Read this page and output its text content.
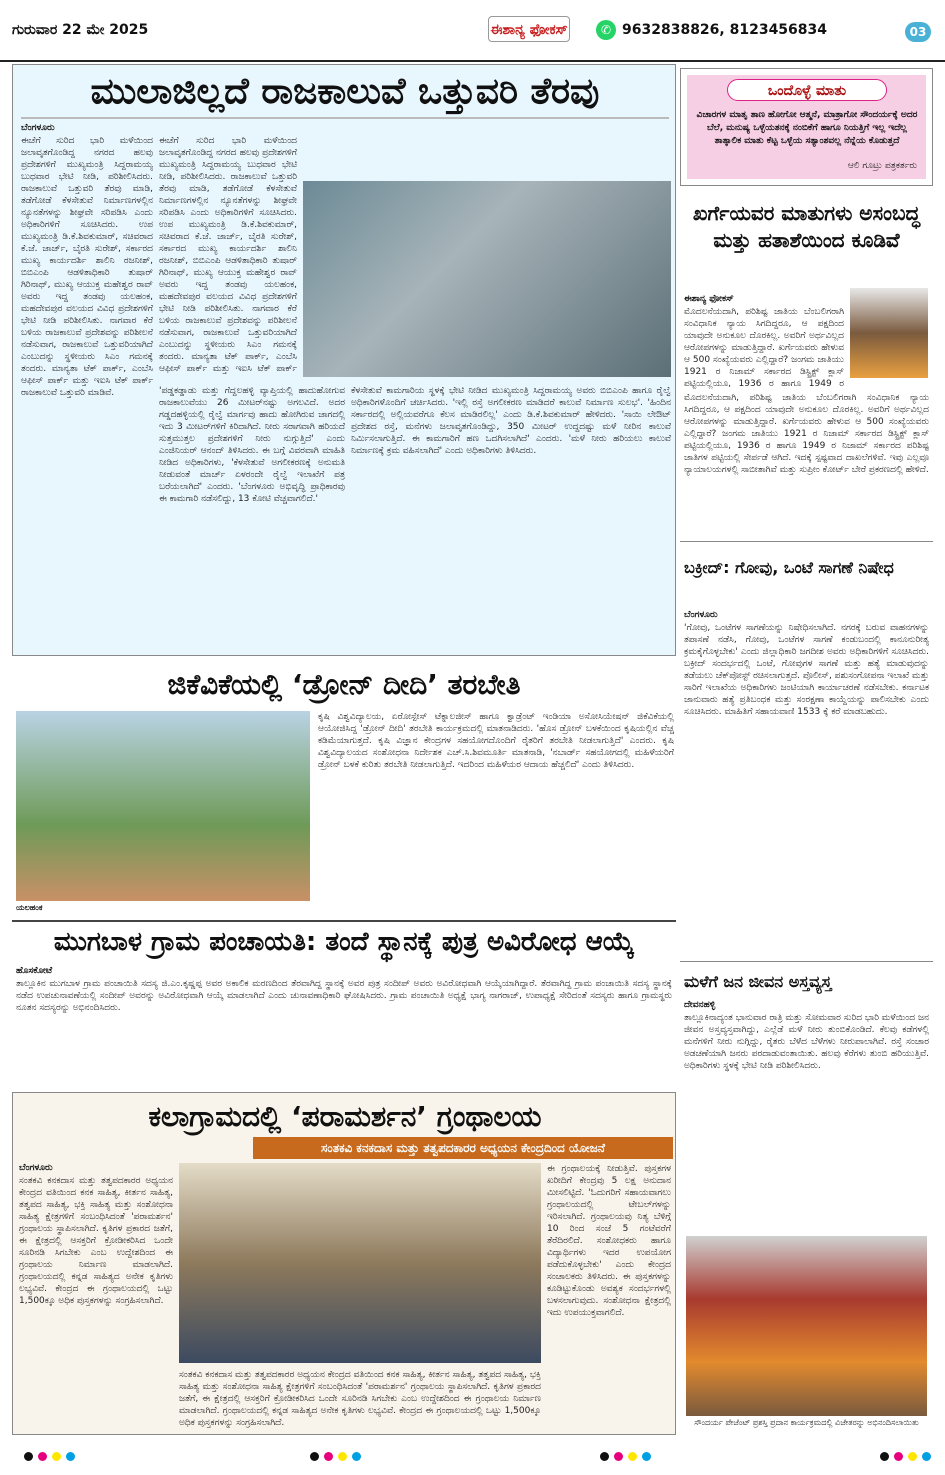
ಗುರುವಾರ 22 ಮೇ 2025	ಈಶಾನ್ಯ ಫೋಕಸ್	✆ 9632838826, 8123456834	03
ಮುಲಾಜಿಲ್ಲದೆ ರಾಜಕಾಲುವೆ ಒತ್ತುವರಿ ತೆರವು
ಬೆಂಗಳೂರು
ಈಚೆಗೆ ಸುರಿದ ಭಾರಿ ಮಳೆಯಿಂದ ಜಲಾವೃತಗೊಂಡಿದ್ದ ನಗರದ ಹಲವು ಪ್ರದೇಶಗಳಿಗೆ ಮುಖ್ಯಮಂತ್ರಿ ಸಿದ್ದರಾಮಯ್ಯ ಬುಧವಾರ ಭೇಟಿ ನೀಡಿ, ಪರಿಶೀಲಿಸಿದರು. ರಾಜಕಾಲುವೆ ಒತ್ತುವರಿ ತೆರವು ಮಾಡಿ, ತಡೆಗೋಡೆ ಕೆಳಸೇತುವೆ ನಿರ್ಮಾಣಗಳಲ್ಲಿನ ನ್ಯೂನತೆಗಳನ್ನು ಶೀಘ್ರವೇ ಸರಿಪಡಿಸಿ ಎಂದು ಅಧಿಕಾರಿಗಳಿಗೆ ಸೂಚಿಸಿದರು. ಉಪ ಮುಖ್ಯಮಂತ್ರಿ ಡಿ.ಕೆ.ಶಿವಕುಮಾರ್, ಸಚಿವರಾದ ಕೆ.ಜೆ. ಜಾರ್ಜ್, ಬೈರತಿ ಸುರೇಶ್, ಸರ್ಕಾರದ ಮುಖ್ಯ ಕಾರ್ಯದರ್ಶಿ ಶಾಲಿನಿ ರಜನೀಶ್, ಬಿಬಿಎಂಪಿ ಆಡಳಿತಾಧಿಕಾರಿ ತುಷಾರ್ ಗಿರಿನಾಥ್, ಮುಖ್ಯ ಆಯುಕ್ತ ಮಹೇಶ್ವರ ರಾವ್ ಅವರು ಇದ್ದ ತಂಡವು ಯಲಹಂಕ, ಮಹದೇವಪುರ ವಲಯದ ವಿವಿಧ ಪ್ರದೇಶಗಳಿಗೆ ಭೇಟಿ ನೀಡಿ ಪರಿಶೀಲಿಸಿತು. ನಾಗವಾರ ಕೆರೆ ಬಳಿಯ ರಾಜಕಾಲುವೆ ಪ್ರದೇಶವನ್ನು ಪರಿಶೀಲನೆ ನಡೆಸುವಾಗ, ರಾಜಕಾಲುವೆ ಒತ್ತುವರಿಯಾಗಿದೆ ಎಂಬುದನ್ನು ಸ್ಥಳೀಯರು ಸಿಎಂ ಗಮನಕ್ಕೆ ತಂದರು. ಮಾನ್ಯತಾ ಟೆಕ್ ಪಾರ್ಕ್, ಎಂಬೆಸಿ ಆಫೀಸ್ ಪಾರ್ಕ್ ಮತ್ತು ಇಐಸಿ ಟೆಕ್ ಪಾರ್ಕ್ ರಾಜಕಾಲುವೆ ಒತ್ತುವರಿ ಮಾಡಿವೆ.
ಈಚೆಗೆ ಸುರಿದ ಭಾರಿ ಮಳೆಯಿಂದ ಜಲಾವೃತಗೊಂಡಿದ್ದ ನಗರದ ಹಲವು ಪ್ರದೇಶಗಳಿಗೆ ಮುಖ್ಯಮಂತ್ರಿ ಸಿದ್ದರಾಮಯ್ಯ ಬುಧವಾರ ಭೇಟಿ ನೀಡಿ, ಪರಿಶೀಲಿಸಿದರು. ರಾಜಕಾಲುವೆ ಒತ್ತುವರಿ ತೆರವು ಮಾಡಿ, ತಡೆಗೋಡೆ ಕೆಳಸೇತುವೆ ನಿರ್ಮಾಣಗಳಲ್ಲಿನ ನ್ಯೂನತೆಗಳನ್ನು ಶೀಘ್ರವೇ ಸರಿಪಡಿಸಿ ಎಂದು ಅಧಿಕಾರಿಗಳಿಗೆ ಸೂಚಿಸಿದರು. ಉಪ ಮುಖ್ಯಮಂತ್ರಿ ಡಿ.ಕೆ.ಶಿವಕುಮಾರ್, ಸಚಿವರಾದ ಕೆ.ಜೆ. ಜಾರ್ಜ್, ಬೈರತಿ ಸುರೇಶ್, ಸರ್ಕಾರದ ಮುಖ್ಯ ಕಾರ್ಯದರ್ಶಿ ಶಾಲಿನಿ ರಜನೀಶ್, ಬಿಬಿಎಂಪಿ ಆಡಳಿತಾಧಿಕಾರಿ ತುಷಾರ್ ಗಿರಿನಾಥ್, ಮುಖ್ಯ ಆಯುಕ್ತ ಮಹೇಶ್ವರ ರಾವ್ ಅವರು ಇದ್ದ ತಂಡವು ಯಲಹಂಕ, ಮಹದೇವಪುರ ವಲಯದ ವಿವಿಧ ಪ್ರದೇಶಗಳಿಗೆ ಭೇಟಿ ನೀಡಿ ಪರಿಶೀಲಿಸಿತು. ನಾಗವಾರ ಕೆರೆ ಬಳಿಯ ರಾಜಕಾಲುವೆ ಪ್ರದೇಶವನ್ನು ಪರಿಶೀಲನೆ ನಡೆಸುವಾಗ, ರಾಜಕಾಲುವೆ ಒತ್ತುವರಿಯಾಗಿದೆ ಎಂಬುದನ್ನು ಸ್ಥಳೀಯರು ಸಿಎಂ ಗಮನಕ್ಕೆ ತಂದರು. ಮಾನ್ಯತಾ ಟೆಕ್ ಪಾರ್ಕ್, ಎಂಬೆಸಿ ಆಫೀಸ್ ಪಾರ್ಕ್ ಮತ್ತು ಇಐಸಿ ಟೆಕ್ ಪಾರ್ಕ್
'ಪಡ್ಡಕಡ್ಡಾಡು ಮತ್ತು ಗೆದ್ದಲಹಳ್ಳಿ ವ್ಯಾಪ್ತಿಯಲ್ಲಿ ಹಾದುಹೋಗುವ ರಾಜಕಾಲುವೆಯು 26 ಮೀಟರ್‌ನಷ್ಟು ಅಗಲವಿದೆ. ಅದರ ಗಡ್ಡದಹಳ್ಳಿಯಲ್ಲಿ ರೈಲ್ವೆ ಮಾರ್ಗವು ಹಾದು ಹೋಗಿರುವ ಜಾಗದಲ್ಲಿ ಇದು 3 ಮೀಟರ್‌ಗಳಿಗೆ ಕಿರಿದಾಗಿದೆ. ನೀರು ಸರಾಗವಾಗಿ ಹರಿಯದೆ ಸುತ್ತಮುತ್ತಲ ಪ್ರದೇಶಗಳಿಗೆ ನೀರು ನುಗ್ಗುತ್ತಿದೆ' ಎಂದು ಎಂಜಿನಿಯರ್‌ ಆನಂದ್ ತಿಳಿಸಿದರು. ಈ ಬಗ್ಗೆ ವಿವರವಾಗಿ ಮಾಹಿತಿ ನೀಡಿದ ಅಧಿಕಾರಿಗಳು, 'ಕೆಳಸೇತುವೆ ಅಗಲೀಕರಣಕ್ಕೆ ಅನುಮತಿ ನೀಡುವಂತೆ ಮಾರ್ಚ್ ಏಳರಂದೇ ರೈಲ್ವೆ ಇಲಾಖೆಗೆ ಪತ್ರ ಬರೆಯಲಾಗಿದೆ' ಎಂದರು. 'ಬೆಂಗಳೂರು ಅಭಿವೃದ್ಧಿ ಪ್ರಾಧಿಕಾರವು ಈ ಕಾಮಗಾರಿ ನಡೆಸಲಿದ್ದು, 13 ಕೋಟಿ ವೆಚ್ಚವಾಗಲಿದೆ.'
ಕೆಳಸೇತುವೆ ಕಾಮಗಾರಿಯ ಸ್ಥಳಕ್ಕೆ ಭೇಟಿ ನೀಡಿದ ಮುಖ್ಯಮಂತ್ರಿ ಸಿದ್ದರಾಮಯ್ಯ ಅವರು ಬಿಬಿಎಂಪಿ ಹಾಗೂ ರೈಲ್ವೆ ಅಧಿಕಾರಿಗಳೊಂದಿಗೆ ಚರ್ಚಿಸಿದರು. 'ಇಲ್ಲಿ ರಸ್ತೆ ಅಗಲೀಕರಣ ಮಾಡಿದರೆ ಕಾಲುವೆ ನಿರ್ಮಾಣ ಸುಲಭ'. 'ಹಿಂದಿನ ಸರ್ಕಾರದಲ್ಲಿ ಅಲ್ಲಿಯವರೆಗೂ ಕೆಲಸ ಮಾಡಿರಲಿಲ್ಲ' ಎಂದು ಡಿ.ಕೆ.ಶಿವಕುಮಾರ್ ಹೇಳಿದರು. 'ಸಾಯಿ ಲೇಔಟ್ ಪ್ರದೇಶದ ರಸ್ತೆ, ಮನೆಗಳು ಜಲಾವೃತಗೊಂಡಿದ್ದು, 350 ಮೀಟರ್ ಉದ್ದದಷ್ಟು ಮಳೆ ನೀರಿನ ಕಾಲುವೆ ನಿರ್ಮಿಸಲಾಗುತ್ತಿದೆ. ಈ ಕಾಮಗಾರಿಗೆ ಹಣ ಒದಗಿಸಲಾಗಿದೆ' ಎಂದರು. 'ಮಳೆ ನೀರು ಹರಿಯಲು ಕಾಲುವೆ ನಿರ್ಮಾಣಕ್ಕೆ ಕ್ರಮ ವಹಿಸಲಾಗಿದೆ' ಎಂದು ಅಧಿಕಾರಿಗಳು ತಿಳಿಸಿದರು.
ಜಿಕೆವಿಕೆಯಲ್ಲಿ ‘ಡ್ರೋನ್ ದೀದಿ’ ತರಬೇತಿ
ಯಲಹಂಕ
ಕೃಷಿ ವಿಶ್ವವಿದ್ಯಾಲಯ, ಏರೋಸ್ಪೇಸ್ ಟೆಕ್ನಾಲಜೀಸ್ ಹಾಗೂ ಕ್ವಾಡ್ರೆಂಟ್ ಇಂಡಿಯಾ ಅಸೋಸಿಯೇಷನ್ ಜಿಕೆವಿಕೆಯಲ್ಲಿ ಆಯೋಜಿಸಿದ್ದ 'ಡ್ರೋನ್ ದೀದಿ' ತರಬೇತಿ ಕಾರ್ಯಕ್ರಮದಲ್ಲಿ ಮಾತನಾಡಿದರು. 'ಹೊಸ ಡ್ರೋನ್ ಬಳಕೆಯಿಂದ ಕೃಷಿಯಲ್ಲಿನ ವೆಚ್ಚ ಕಡಿಮೆಯಾಗುತ್ತದೆ. ಕೃಷಿ ವಿಜ್ಞಾನ ಕೇಂದ್ರಗಳ ಸಹಯೋಗದೊಂದಿಗೆ ರೈತರಿಗೆ ತರಬೇತಿ ನೀಡಲಾಗುತ್ತಿದೆ' ಎಂದರು. ಕೃಷಿ ವಿಶ್ವವಿದ್ಯಾಲಯದ ಸಂಶೋಧನಾ ನಿರ್ದೇಶಕ ಎಚ್.ಸಿ.ಶಿವಮೂರ್ತಿ ಮಾತನಾಡಿ, 'ನಬಾರ್ಡ್ ಸಹಯೋಗದಲ್ಲಿ ಮಹಿಳೆಯರಿಗೆ ಡ್ರೋನ್ ಬಳಕೆ ಕುರಿತು ತರಬೇತಿ ನೀಡಲಾಗುತ್ತಿದೆ. ಇದರಿಂದ ಮಹಿಳೆಯರ ಆದಾಯ ಹೆಚ್ಚಲಿದೆ' ಎಂದು ತಿಳಿಸಿದರು.
ಮುಗಬಾಳ ಗ್ರಾಮ ಪಂಚಾಯತಿ: ತಂದೆ ಸ್ಥಾನಕ್ಕೆ ಪುತ್ರ ಅವಿರೋಧ ಆಯ್ಕೆ
ಹೊಸಕೋಟೆ
ತಾಲ್ಲೂಕಿನ ಮುಗಬಾಳ ಗ್ರಾಮ ಪಂಚಾಯಿತಿ ಸದಸ್ಯ ಜಿ.ಎಂ.ಕೃಷ್ಣಪ್ಪ ಅವರ ಅಕಾಲಿಕ ಮರಣದಿಂದ ತೆರವಾಗಿದ್ದ ಸ್ಥಾನಕ್ಕೆ ಅವರ ಪುತ್ರ ಸಂದೀಪ್ ಅವರು ಅವಿರೋಧವಾಗಿ ಆಯ್ಕೆಯಾಗಿದ್ದಾರೆ. ತೆರವಾಗಿದ್ದ ಗ್ರಾಮ ಪಂಚಾಯಿತಿ ಸದಸ್ಯ ಸ್ಥಾನಕ್ಕೆ ನಡೆದ ಉಪಚುನಾವಣೆಯಲ್ಲಿ ಸಂದೀಪ್ ಅವರನ್ನು ಅವಿರೋಧವಾಗಿ ಆಯ್ಕೆ ಮಾಡಲಾಗಿದೆ ಎಂದು ಚುನಾವಣಾಧಿಕಾರಿ ಘೋಷಿಸಿದರು. ಗ್ರಾಮ ಪಂಚಾಯಿತಿ ಅಧ್ಯಕ್ಷೆ ಭಾಗ್ಯ ನಾಗರಾಜ್, ಉಪಾಧ್ಯಕ್ಷೆ ಸೇರಿದಂತೆ ಸದಸ್ಯರು ಹಾಗೂ ಗ್ರಾಮಸ್ಥರು ನೂತನ ಸದಸ್ಯರನ್ನು ಅಭಿನಂದಿಸಿದರು.
ಕಲಾಗ್ರಾಮದಲ್ಲಿ ‘ಪರಾಮರ್ಶನ’ ಗ್ರಂಥಾಲಯ
ಸಂತಕವಿ ಕನಕದಾಸ ಮತ್ತು ತತ್ವಪದಕಾರರ ಅಧ್ಯಯನ ಕೇಂದ್ರದಿಂದ ಯೋಜನೆ
ಬೆಂಗಳೂರು
ಸಂತಕವಿ ಕನಕದಾಸ ಮತ್ತು ತತ್ವಪದಕಾರರ ಅಧ್ಯಯನ ಕೇಂದ್ರದ ವತಿಯಿಂದ ಕನಕ ಸಾಹಿತ್ಯ, ಕೀರ್ತನ ಸಾಹಿತ್ಯ, ತತ್ವಪದ ಸಾಹಿತ್ಯ, ಭಕ್ತಿ ಸಾಹಿತ್ಯ ಮತ್ತು ಸಂಶೋಧನಾ ಸಾಹಿತ್ಯ ಕ್ಷೇತ್ರಗಳಿಗೆ ಸಂಬಂಧಿಸಿದಂತೆ 'ಪರಾಮರ್ಶನ' ಗ್ರಂಥಾಲಯ ಸ್ಥಾಪಿಸಲಾಗಿದೆ. ಕೃತಿಗಳ ಪ್ರಕಾರದ ಜತೆಗೆ, ಈ ಕ್ಷೇತ್ರದಲ್ಲಿ ಆಸಕ್ತರಿಗೆ ಕ್ರೋಡೀಕರಿಸಿದ ಒಂದೇ ಸೂರಿನಡಿ ಸಿಗಬೇಕು ಎಂಬ ಉದ್ದೇಶದಿಂದ ಈ ಗ್ರಂಥಾಲಯ ನಿರ್ಮಾಣ ಮಾಡಲಾಗಿದೆ. ಗ್ರಂಥಾಲಯದಲ್ಲಿ ಕನ್ನಡ ಸಾಹಿತ್ಯದ ಅನೇಕ ಕೃತಿಗಳು ಲಭ್ಯವಿವೆ. ಕೇಂದ್ರದ ಈ ಗ್ರಂಥಾಲಯದಲ್ಲಿ ಒಟ್ಟು 1,500ಕ್ಕೂ ಅಧಿಕ ಪುಸ್ತಕಗಳನ್ನು ಸಂಗ್ರಹಿಸಲಾಗಿದೆ.
ಸಂತಕವಿ ಕನಕದಾಸ ಮತ್ತು ತತ್ವಪದಕಾರರ ಅಧ್ಯಯನ ಕೇಂದ್ರದ ವತಿಯಿಂದ ಕನಕ ಸಾಹಿತ್ಯ, ಕೀರ್ತನ ಸಾಹಿತ್ಯ, ತತ್ವಪದ ಸಾಹಿತ್ಯ, ಭಕ್ತಿ ಸಾಹಿತ್ಯ ಮತ್ತು ಸಂಶೋಧನಾ ಸಾಹಿತ್ಯ ಕ್ಷೇತ್ರಗಳಿಗೆ ಸಂಬಂಧಿಸಿದಂತೆ 'ಪರಾಮರ್ಶನ' ಗ್ರಂಥಾಲಯ ಸ್ಥಾಪಿಸಲಾಗಿದೆ. ಕೃತಿಗಳ ಪ್ರಕಾರದ ಜತೆಗೆ, ಈ ಕ್ಷೇತ್ರದಲ್ಲಿ ಆಸಕ್ತರಿಗೆ ಕ್ರೋಡೀಕರಿಸಿದ ಒಂದೇ ಸೂರಿನಡಿ ಸಿಗಬೇಕು ಎಂಬ ಉದ್ದೇಶದಿಂದ ಈ ಗ್ರಂಥಾಲಯ ನಿರ್ಮಾಣ ಮಾಡಲಾಗಿದೆ. ಗ್ರಂಥಾಲಯದಲ್ಲಿ ಕನ್ನಡ ಸಾಹಿತ್ಯದ ಅನೇಕ ಕೃತಿಗಳು ಲಭ್ಯವಿವೆ. ಕೇಂದ್ರದ ಈ ಗ್ರಂಥಾಲಯದಲ್ಲಿ ಒಟ್ಟು 1,500ಕ್ಕೂ ಅಧಿಕ ಪುಸ್ತಕಗಳನ್ನು ಸಂಗ್ರಹಿಸಲಾಗಿದೆ.
ಈ ಗ್ರಂಥಾಲಯಕ್ಕೆ ನೀಡುತ್ತಿವೆ. ಪುಸ್ತಕಗಳ ಖರೀದಿಗೆ ಕೇಂದ್ರವು 5 ಲಕ್ಷ ಅನುದಾನ ಮೀಸಲಿಟ್ಟಿದೆ. 'ಓದುಗರಿಗೆ ಸಹಾಯವಾಗಲು ಗ್ರಂಥಾಲಯದಲ್ಲಿ ಟೇಬಲ್‌ಗಳನ್ನು ಇರಿಸಲಾಗಿದೆ. ಗ್ರಂಥಾಲಯವು ನಿತ್ಯ ಬೆಳಿಗ್ಗೆ 10 ರಿಂದ ಸಂಜೆ 5 ಗಂಟೆವರೆಗೆ ತೆರೆದಿರಲಿದೆ. ಸಂಶೋಧಕರು ಹಾಗೂ ವಿದ್ಯಾರ್ಥಿಗಳು ಇದರ ಉಪಯೋಗ ಪಡೆದುಕೊಳ್ಳಬೇಕು' ಎಂದು ಕೇಂದ್ರದ ಸಂಚಾಲಕರು ತಿಳಿಸಿದರು. ಈ ಪುಸ್ತಕಗಳನ್ನು ಕೂಡಿಟ್ಟುಕೊಂಡು ಅವಶ್ಯಕ ಸಂದರ್ಭಗಳಲ್ಲಿ ಬಳಸಲಾಗುವುದು. ಸಂಶೋಧನಾ ಕ್ಷೇತ್ರದಲ್ಲಿ ಇದು ಉಪಯುಕ್ತವಾಗಲಿದೆ.
ಒಂದೊಳ್ಳೆ ಮಾತು
ವಿಚಾರಗಳ ಮಾತೃ ತಾಣ ಹೋಗೋ ಆತ್ಮನೆ, ಮಾತ್ರಾಗೋ ಸೌಂದರ್ಯಕ್ಕೆ ಅದರ ಬೆಲೆ, ಮನುಷ್ಯ ಒಳ್ಳೆಯತನಕ್ಕೆ ನಂಬಿಕೆಗೆ ಹಾಗೂ ನಿಯತ್ತಿಗೆ ಇಲ್ಲ ಇದೆಲ್ಲ ತಾತ್ಕಾಲಿಕ ಮಾತು ಕೆಟ್ಟ ಒಳ್ಳೆಯ ಸತ್ಯಾಂಶವಲ್ಲ ನೆನ್ನೆಯ ಕೊಡುತ್ತದೆ
ಆಲಿ ಗೂಟ್ರು ಪತ್ರಕರ್ತರು
ಖರ್ಗೆಯವರ ಮಾತುಗಳು ಅಸಂಬದ್ಧ ಮತ್ತು ಹತಾಶೆಯಿಂದ ಕೂಡಿವೆ
ಈಶಾನ್ಯ ಫೋಕಸ್
ಮೊದಲನೆಯದಾಗಿ, ಪರಿಶಿಷ್ಟ ಜಾತಿಯ ಬೆಂಬಲಿಗರಾಗಿ ಸಂವಿಧಾನಿಕ ನ್ಯಾಯ ಸಿಗದಿದ್ದರೂ, ಆ ಪಕ್ಷದಿಂದ ಯಾವುದೇ ಅನುಕೂಲ ದೊರಕಿಲ್ಲ. ಅವರಿಗೆ ಅರ್ಥವಿಲ್ಲದ ಆರೋಪಗಳನ್ನು ಮಾಡುತ್ತಿದ್ದಾರೆ. ಖರ್ಗೆಯವರು ಹೇಳುವ ಆ 500 ಸಂಖ್ಯೆಯವರು ಎಲ್ಲಿದ್ದಾರೆ? ಜಂಗಮ ಜಾತಿಯು 1921 ರ ನಿಜಾಮ್ ಸರ್ಕಾರದ ಡಿಸ್ಟ್ರಿಕ್ಟ್ ಕ್ಲಾಸ್ ಪಟ್ಟಿಯಲ್ಲಿಯೂ, 1936 ರ ಹಾಗೂ 1949 ರ
ಮೊದಲನೆಯದಾಗಿ, ಪರಿಶಿಷ್ಟ ಜಾತಿಯ ಬೆಂಬಲಿಗರಾಗಿ ಸಂವಿಧಾನಿಕ ನ್ಯಾಯ ಸಿಗದಿದ್ದರೂ, ಆ ಪಕ್ಷದಿಂದ ಯಾವುದೇ ಅನುಕೂಲ ದೊರಕಿಲ್ಲ. ಅವರಿಗೆ ಅರ್ಥವಿಲ್ಲದ ಆರೋಪಗಳನ್ನು ಮಾಡುತ್ತಿದ್ದಾರೆ. ಖರ್ಗೆಯವರು ಹೇಳುವ ಆ 500 ಸಂಖ್ಯೆಯವರು ಎಲ್ಲಿದ್ದಾರೆ? ಜಂಗಮ ಜಾತಿಯು 1921 ರ ನಿಜಾಮ್ ಸರ್ಕಾರದ ಡಿಸ್ಟ್ರಿಕ್ಟ್ ಕ್ಲಾಸ್ ಪಟ್ಟಿಯಲ್ಲಿಯೂ, 1936 ರ ಹಾಗೂ 1949 ರ ನಿಜಾಮ್ ಸರ್ಕಾರದ ಪರಿಶಿಷ್ಟ ಜಾತಿಗಳ ಪಟ್ಟಿಯಲ್ಲಿ ಸೇರ್ಪಡೆ ಆಗಿದೆ. ಇದಕ್ಕೆ ಸ್ಪಷ್ಟವಾದ ದಾಖಲೆಗಳಿವೆ. ಇವು ಎಲ್ಲವೂ ನ್ಯಾಯಾಲಯಗಳಲ್ಲಿ ಸಾಬೀತಾಗಿವೆ ಮತ್ತು ಸುಪ್ರೀಂ ಕೋರ್ಟ್‌ ಬೇರೆ ಪ್ರಕರಣದಲ್ಲಿ ಹೇಳಿದೆ.
ಬಕ್ರೀದ್: ಗೋವು, ಒಂಟೆ ಸಾಗಣೆ ನಿಷೇಧ
ಬೆಂಗಳೂರು
'ಗೋವು, ಒಂಟೆಗಳ ಸಾಗಣೆಯನ್ನು ನಿಷೇಧಿಸಲಾಗಿದೆ. ನಗರಕ್ಕೆ ಬರುವ ವಾಹನಗಳನ್ನು ತಪಾಸಣೆ ನಡೆಸಿ, ಗೋವು, ಒಂಟೆಗಳ ಸಾಗಣೆ ಕಂಡುಬಂದಲ್ಲಿ ಕಾನೂನುರೀತ್ಯ ಕ್ರಮಕೈಗೊಳ್ಳಬೇಕು' ಎಂದು ಜಿಲ್ಲಾಧಿಕಾರಿ ಜಗದೀಶ ಅವರು ಅಧಿಕಾರಿಗಳಿಗೆ ಸೂಚಿಸಿದರು. ಬಕ್ರೀದ್ ಸಂದರ್ಭದಲ್ಲಿ ಒಂಟೆ, ಗೋವುಗಳ ಸಾಗಣೆ ಮತ್ತು ಹತ್ಯೆ ಮಾಡುವುದನ್ನು ತಡೆಯಲು ಚೆಕ್‌ಪೋಸ್ಟ್ ರಚಿಸಲಾಗುತ್ತದೆ. ಪೊಲೀಸ್, ಪಶುಸಂಗೋಪನಾ ಇಲಾಖೆ ಮತ್ತು ಸಾರಿಗೆ ಇಲಾಖೆಯ ಅಧಿಕಾರಿಗಳು ಜಂಟಿಯಾಗಿ ಕಾರ್ಯಾಚರಣೆ ನಡೆಸಬೇಕು. ಕರ್ನಾಟಕ ಜಾನುವಾರು ಹತ್ಯೆ ಪ್ರತಿಬಂಧಕ ಮತ್ತು ಸಂರಕ್ಷಣಾ ಕಾಯ್ದೆಯನ್ನು ಪಾಲಿಸಬೇಕು ಎಂದು ಸೂಚಿಸಿದರು. ಮಾಹಿತಿಗೆ ಸಹಾಯವಾಣಿ 1533 ಕ್ಕೆ ಕರೆ ಮಾಡಬಹುದು.
ಮಳೆಗೆ ಜನ ಜೀವನ ಅಸ್ತವ್ಯಸ್ತ
ದೇವನಹಳ್ಳಿ
ತಾಲ್ಲೂಕಿನಾದ್ಯಂತ ಭಾನುವಾರ ರಾತ್ರಿ ಮತ್ತು ಸೋಮವಾರ ಸುರಿದ ಭಾರಿ ಮಳೆಯಿಂದ ಜನ ಜೀವನ ಅಸ್ತವ್ಯಸ್ತವಾಗಿದ್ದು, ಎಲ್ಲೆಡೆ ಮಳೆ ನೀರು ತುಂಬಿಕೊಂಡಿದೆ. ಕೆಲವು ಕಡೆಗಳಲ್ಲಿ ಮನೆಗಳಿಗೆ ನೀರು ನುಗ್ಗಿದ್ದು, ರೈತರು ಬೆಳೆದ ಬೆಳೆಗಳು ನೀರುಪಾಲಾಗಿವೆ. ರಸ್ತೆ ಸಂಚಾರ ಅಡಚಣೆಯಾಗಿ ಜನರು ಪರದಾಡುವಂತಾಯಿತು. ಹಲವು ಕೆರೆಗಳು ತುಂಬಿ ಹರಿಯುತ್ತಿವೆ. ಅಧಿಕಾರಿಗಳು ಸ್ಥಳಕ್ಕೆ ಭೇಟಿ ನೀಡಿ ಪರಿಶೀಲಿಸಿದರು.
ಸೌಂದರ್ಯ ಪೇಜೆಂಟ್ ಪ್ರಶಸ್ತಿ ಪ್ರದಾನ ಕಾರ್ಯಕ್ರಮದಲ್ಲಿ ವಿಜೇತರನ್ನು ಅಭಿನಂದಿಸಲಾಯಿತು
